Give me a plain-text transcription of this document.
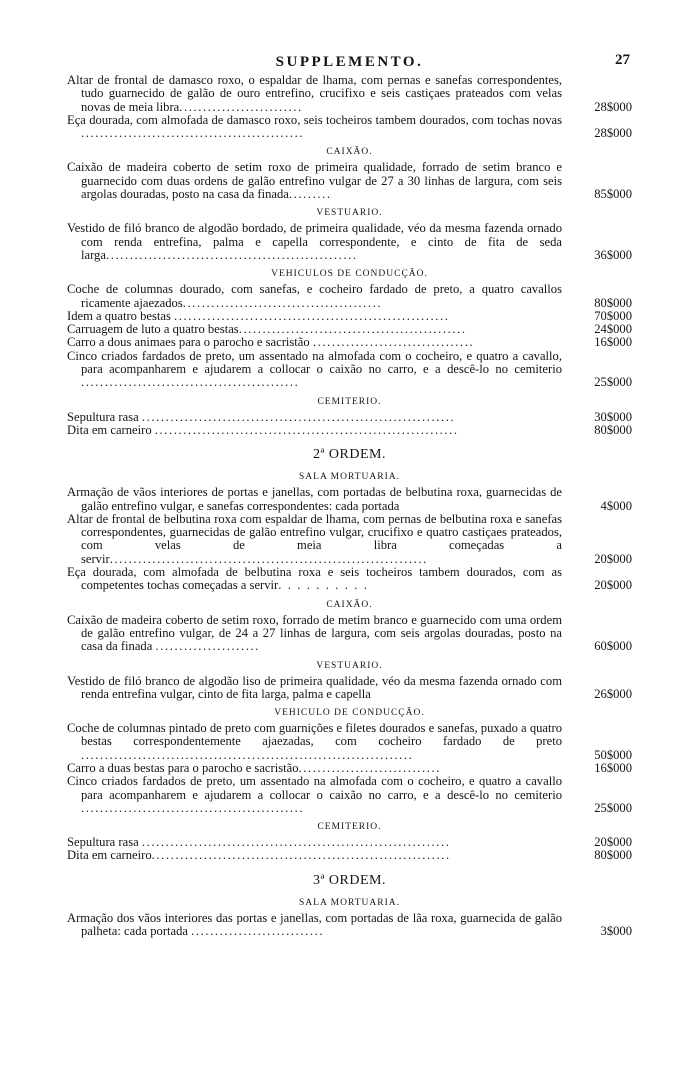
SUPPLEMENTO.	27
Altar de frontal de damasco roxo, o espaldar de lhama, com pernas e sanefas correspondentes, tudo guarnecido de galão de ouro entrefino, crucifixo e seis castiçaes prateados com velas novas de meia libra..........................	28$000
Eça dourada, com almofada de damasco roxo, seis tocheiros tambem dourados, com tochas novas ...............................................	28$000
CAIXÃO.
Caixão de madeira coberto de setim roxo de primeira qualidade, forrado de setim branco e guarnecido com duas ordens de galão entrefino vulgar de 27 a 30 linhas de largura, com seis argolas douradas, posto na casa da finada.........	85$000
VESTUARIO.
Vestido de filó branco de algodão bordado, de primeira qualidade, véo da mesma fazenda ornado com renda entrefina, palma e capella correspondente, e cinto de fita de seda larga.....................................................	36$000
VEHICULOS DE CONDUCÇÃO.
Coche de columnas dourado, com sanefas, e cocheiro fardado de preto, a quatro cavallos ricamente ajaezados..........................................	80$000
Idem a quatro bestas ..........................................................	70$000
Carruagem de luto a quatro bestas................................................	24$000
Carro a dous animaes para o parocho e sacristão ..................................	16$000
Cinco criados fardados de preto, um assentado na almofada com o cocheiro, e quatro a cavallo, para acompanharem e ajudarem a collocar o caixão no carro, e a descê-lo no cemiterio ..............................................	25$000
CEMITERIO.
Sepultura rasa ..................................................................	30$000
Dita em carneiro ................................................................	80$000
2ª ORDEM.
SALA MORTUARIA.
Armação de vãos interiores de portas e janellas, com portadas de belbutina roxa, guarnecidas de galão entrefino vulgar, e sanefas correspondentes: cada portada	4$000
Altar de frontal de belbutina roxa com espaldar de lhama, com pernas de belbutina roxa e sanefas correspondentes, guarnecidas de galão entrefino vulgar, crucifixo e quatro castiçaes prateados, com velas de meia libra começadas a servir...................................................................	20$000
Eça dourada, com almofada de belbutina roxa e seis tocheiros tambem dourados, com as competentes tochas começadas a servir. . . . . . . . . .	20$000
CAIXÃO.
Caixão de madeira coberto de setim roxo, forrado de metim branco e guarnecido com uma ordem de galão entrefino vulgar, de 24 a 27 linhas de largura, com seis argolas douradas, posto na casa da finada ......................	60$000
VESTUARIO.
Vestido de filó branco de algodão liso de primeira qualidade, véo da mesma fazenda ornado com renda entrefina vulgar, cinto de fita larga, palma e capella	26$000
VEHICULO DE CONDUCÇÃO.
Coche de columnas pintado de preto com guarnições e filetes dourados e sanefas, puxado a quatro bestas correspondentemente ajaezadas, com cocheiro fardado de preto ......................................................................	50$000
Carro a duas bestas para o parocho e sacristão..............................	16$000
Cinco criados fardados de preto, um assentado na almofada com o cocheiro, e quatro a cavallo para acompanharem e ajudarem a collocar o caixão no carro, e a descê-lo no cemiterio ...............................................	25$000
CEMITERIO.
Sepultura rasa .................................................................	20$000
Dita em carneiro...............................................................	80$000
3ª ORDEM.
SALA MORTUARIA.
Armação dos vãos interiores das portas e janellas, com portadas de lãa roxa, guarnecida de galão palheta: cada portada ............................	3$000
